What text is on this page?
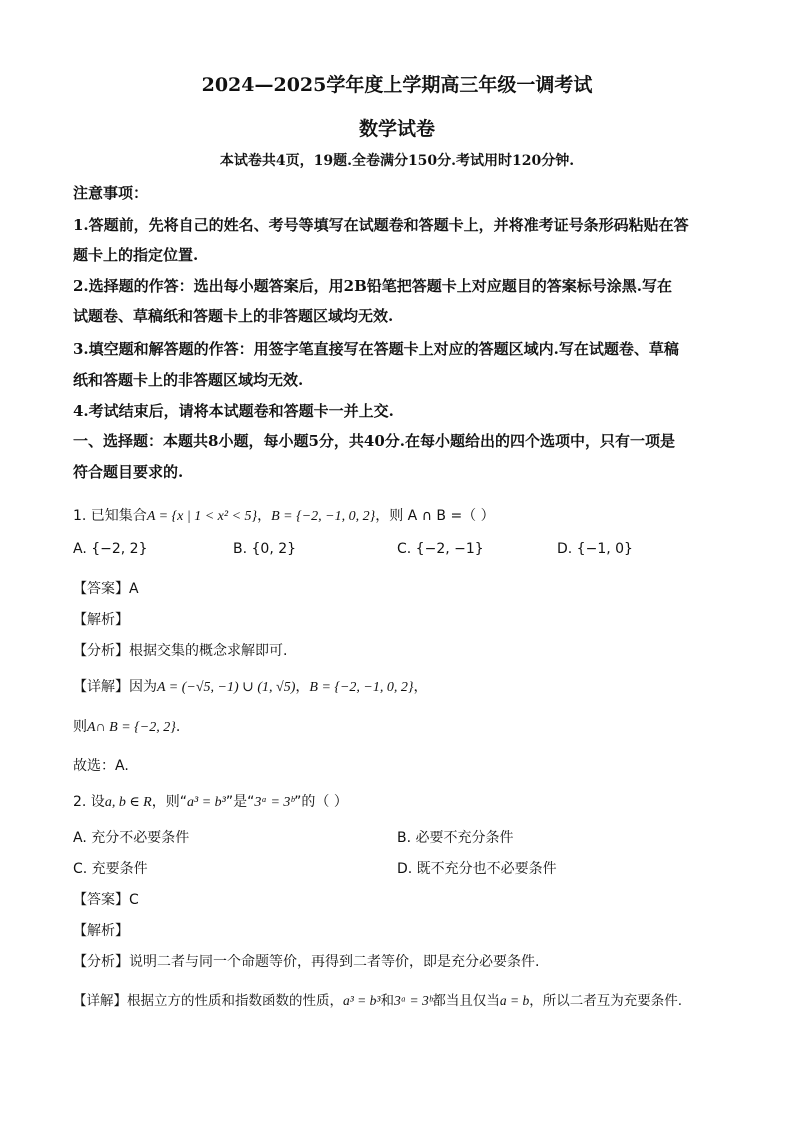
2024—2025学年度上学期高三年级一调考试
数学试卷
本试卷共4页，19题.全卷满分150分.考试用时120分钟.
注意事项：
1.答题前，先将自己的姓名、考号等填写在试题卷和答题卡上，并将准考证号条形码粘贴在答
题卡上的指定位置.
2.选择题的作答：选出每小题答案后，用2B铅笔把答题卡上对应题目的答案标号涂黑.写在
试题卷、草稿纸和答题卡上的非答题区域均无效.
3.填空题和解答题的作答：用签字笔直接写在答题卡上对应的答题区域内.写在试题卷、草稿
纸和答题卡上的非答题区域均无效.
4.考试结束后，请将本试题卷和答题卡一并上交.
一、选择题：本题共8小题，每小题5分，共40分.在每小题给出的四个选项中，只有一项是
符合题目要求的.
1. 已知集合A = {x | 1 < x² < 5}，B = {−2, −1, 0, 2}，则 A ∩ B =（ ）
A. {−2, 2}	B. {0, 2}	C. {−2, −1}	D. {−1, 0}
【答案】A
【解析】
【分析】根据交集的概念求解即可.
【详解】因为A = (−√5, −1) ∪ (1, √5)，B = {−2, −1, 0, 2}，
则A∩ B = {−2, 2}.
故选：A.
2. 设a, b ∈ R，则“a³ = b³”是“3ᵃ = 3ᵇ”的（ ）
A. 充分不必要条件	B. 必要不充分条件
C. 充要条件	D. 既不充分也不必要条件
【答案】C
【解析】
【分析】说明二者与同一个命题等价，再得到二者等价，即是充分必要条件.
【详解】根据立方的性质和指数函数的性质，a³ = b³和3ᵃ = 3ᵇ都当且仅当a = b，所以二者互为充要条件.
